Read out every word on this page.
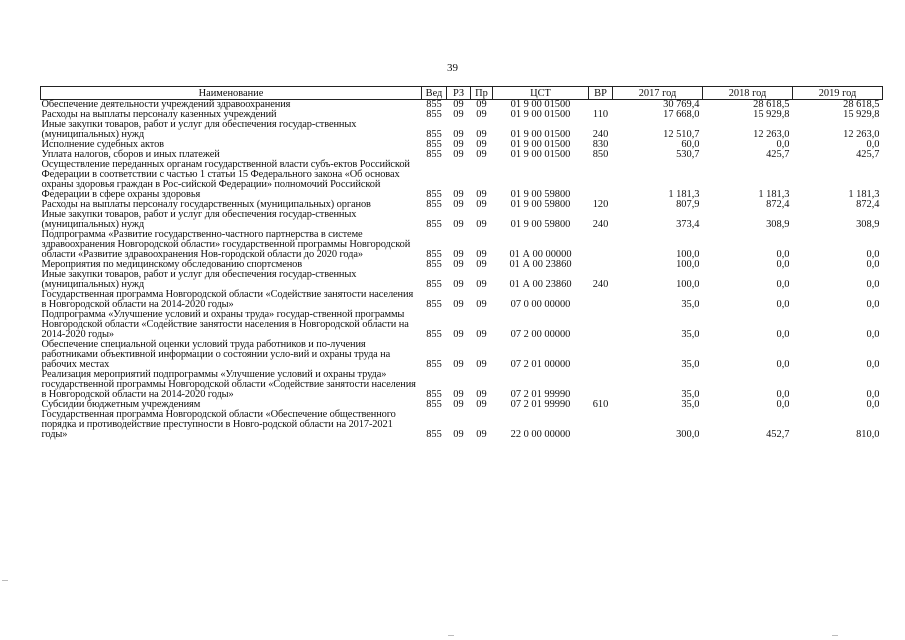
39
Наименование	Вед	РЗ	Пр	ЦСТ	ВР	2017 год	2018 год	2019 год
Обеспечение деятельности учреждений здравоохранения	855	09	09	01 9 00 01500		30 769,4	28 618,5	28 618,5
Расходы на выплаты персоналу казенных учреждений	855	09	09	01 9 00 01500	110	17 668,0	15 929,8	15 929,8
Иные закупки товаров, работ и услуг для обеспечения государ-ственных (муниципальных) нужд	855	09	09	01 9 00 01500	240	12 510,7	12 263,0	12 263,0
Исполнение судебных актов	855	09	09	01 9 00 01500	830	60,0	0,0	0,0
Уплата налогов, сборов и иных платежей	855	09	09	01 9 00 01500	850	530,7	425,7	425,7
Осуществление переданных органам государственной власти субъ-ектов Российской Федерации в соответствии с частью 1 статьи 15 Федерального закона «Об основах охраны здоровья граждан в Рос-сийской Федерации» полномочий Российской Федерации в сфере охраны здоровья	855	09	09	01 9 00 59800		1 181,3	1 181,3	1 181,3
Расходы на выплаты персоналу государственных (муниципальных) органов	855	09	09	01 9 00 59800	120	807,9	872,4	872,4
Иные закупки товаров, работ и услуг для обеспечения государ-ственных (муниципальных) нужд	855	09	09	01 9 00 59800	240	373,4	308,9	308,9
Подпрограмма «Развитие государственно-частного партнерства в системе здравоохранения Новгородской области» государственной программы Новгородской области «Развитие здравоохранения Нов-городской области до 2020 года»	855	09	09	01 А 00 00000		100,0	0,0	0,0
Мероприятия по медицинскому обследованию спортсменов	855	09	09	01 А 00 23860		100,0	0,0	0,0
Иные закупки товаров, работ и услуг для обеспечения государ-ственных (муниципальных) нужд	855	09	09	01 А 00 23860	240	100,0	0,0	0,0
Государственная программа Новгородской области «Содействие занятости населения в Новгородской области на 2014-2020 годы»	855	09	09	07 0 00 00000		35,0	0,0	0,0
Подпрограмма «Улучшение условий и охраны труда» государ-ственной программы Новгородской области «Содействие занятости населения в Новгородской области на 2014-2020 годы»	855	09	09	07 2 00 00000		35,0	0,0	0,0
Обеспечение специальной оценки условий труда работников и по-лучения работниками объективной информации о состоянии усло-вий и охраны труда на рабочих местах	855	09	09	07 2 01 00000		35,0	0,0	0,0
Реализация мероприятий подпрограммы «Улучшение условий и охраны труда» государственной программы Новгородской области «Содействие занятости населения в Новгородской области на 2014-2020 годы»	855	09	09	07 2 01 99990		35,0	0,0	0,0
Субсидии бюджетным учреждениям	855	09	09	07 2 01 99990	610	35,0	0,0	0,0
Государственная программа Новгородской области «Обеспечение общественного порядка и противодействие преступности в Новго-родской области на 2017-2021 годы»	855	09	09	22 0 00 00000		300,0	452,7	810,0
